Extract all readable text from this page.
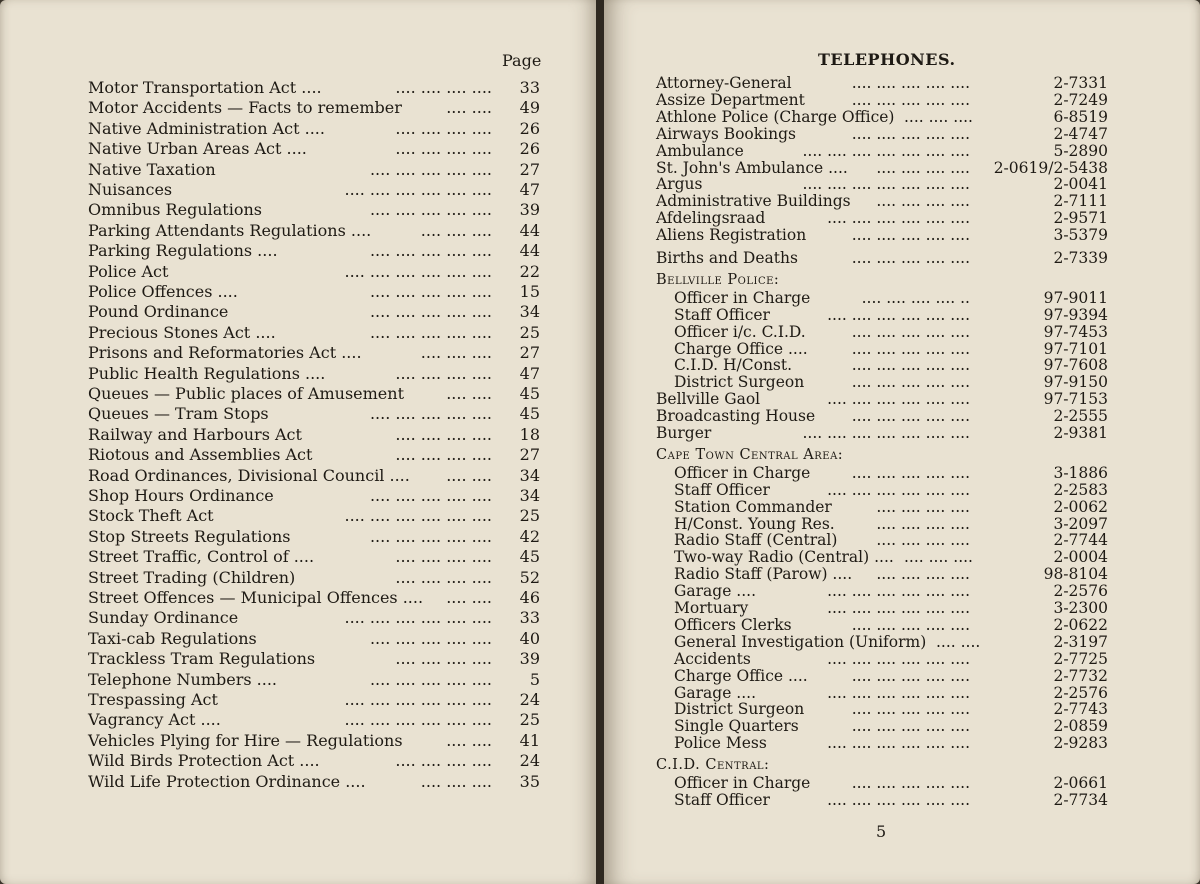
Page
Motor Transportation Act ....	.... .... .... ....	33
Motor Accidents — Facts to remember	.... ....	49
Native Administration Act ....	.... .... .... ....	26
Native Urban Areas Act ....	.... .... .... ....	26
Native Taxation	.... .... .... .... ....	27
Nuisances	.... .... .... .... .... ....	47
Omnibus Regulations	.... .... .... .... ....	39
Parking Attendants Regulations ....	.... .... ....	44
Parking Regulations ....	.... .... .... .... ....	44
Police Act	.... .... .... .... .... ....	22
Police Offences ....	.... .... .... .... ....	15
Pound Ordinance	.... .... .... .... ....	34
Precious Stones Act ....	.... .... .... .... ....	25
Prisons and Reformatories Act ....	.... .... ....	27
Public Health Regulations ....	.... .... .... ....	47
Queues — Public places of Amusement	.... ....	45
Queues — Tram Stops	.... .... .... .... ....	45
Railway and Harbours Act	.... .... .... ....	18
Riotous and Assemblies Act	.... .... .... ....	27
Road Ordinances, Divisional Council ....	.... ....	34
Shop Hours Ordinance	.... .... .... .... ....	34
Stock Theft Act	.... .... .... .... .... ....	25
Stop Streets Regulations	.... .... .... .... ....	42
Street Traffic, Control of ....	.... .... .... ....	45
Street Trading (Children)	.... .... .... ....	52
Street Offences — Municipal Offences ....	.... ....	46
Sunday Ordinance	.... .... .... .... .... ....	33
Taxi-cab Regulations	.... .... .... .... ....	40
Trackless Tram Regulations	.... .... .... ....	39
Telephone Numbers ....	.... .... .... .... ....	5
Trespassing Act	.... .... .... .... .... ....	24
Vagrancy Act ....	.... .... .... .... .... ....	25
Vehicles Plying for Hire — Regulations	.... ....	41
Wild Birds Protection Act ....	.... .... .... ....	24
Wild Life Protection Ordinance ....	.... .... ....	35
TELEPHONES.
Attorney-General	.... .... .... .... ....	2-7331
Assize Department	.... .... .... .... ....	2-7249
Athlone Police (Charge Office) .... .... ....	6-8519
Airways Bookings	.... .... .... .... ....	2-4747
Ambulance	.... .... .... .... .... .... ....	5-2890
St. John's Ambulance ....	.... .... .... ....	2-0619/2-5438
Argus	.... .... .... .... .... .... ....	2-0041
Administrative Buildings	.... .... .... ....	2-7111
Afdelingsraad	.... .... .... .... .... ....	2-9571
Aliens Registration	.... .... .... .... ....	3-5379
Births and Deaths	.... .... .... .... ....	2-7339
Bellville Police:
Officer in Charge	.... .... .... .... ..	97-9011
Staff Officer	.... .... .... .... .... ....	97-9394
Officer i/c. C.I.D.	.... .... .... .... ....	97-7453
Charge Office ....	.... .... .... .... ....	97-7101
C.I.D. H/Const.	.... .... .... .... ....	97-7608
District Surgeon	.... .... .... .... ....	97-9150
Bellville Gaol	.... .... .... .... .... ....	97-7153
Broadcasting House	.... .... .... .... ....	2-2555
Burger	.... .... .... .... .... .... ....	2-9381
Cape Town Central Area:
Officer in Charge	.... .... .... .... ....	3-1886
Staff Officer	.... .... .... .... .... ....	2-2583
Station Commander	.... .... .... ....	2-0062
H/Const. Young Res.	.... .... .... ....	3-2097
Radio Staff (Central)	.... .... .... ....	2-7744
Two-way Radio (Central) .... .... .... ....	2-0004
Radio Staff (Parow) ....	.... .... .... ....	98-8104
Garage ....	.... .... .... .... .... ....	2-2576
Mortuary	.... .... .... .... .... ....	3-2300
Officers Clerks	.... .... .... .... ....	2-0622
General Investigation (Uniform) .... ....	2-3197
Accidents	.... .... .... .... .... ....	2-7725
Charge Office ....	.... .... .... .... ....	2-7732
Garage ....	.... .... .... .... .... ....	2-2576
District Surgeon	.... .... .... .... ....	2-7743
Single Quarters	.... .... .... .... ....	2-0859
Police Mess	.... .... .... .... .... ....	2-9283
C.I.D. Central:
Officer in Charge	.... .... .... .... ....	2-0661
Staff Officer	.... .... .... .... .... ....	2-7734
5
